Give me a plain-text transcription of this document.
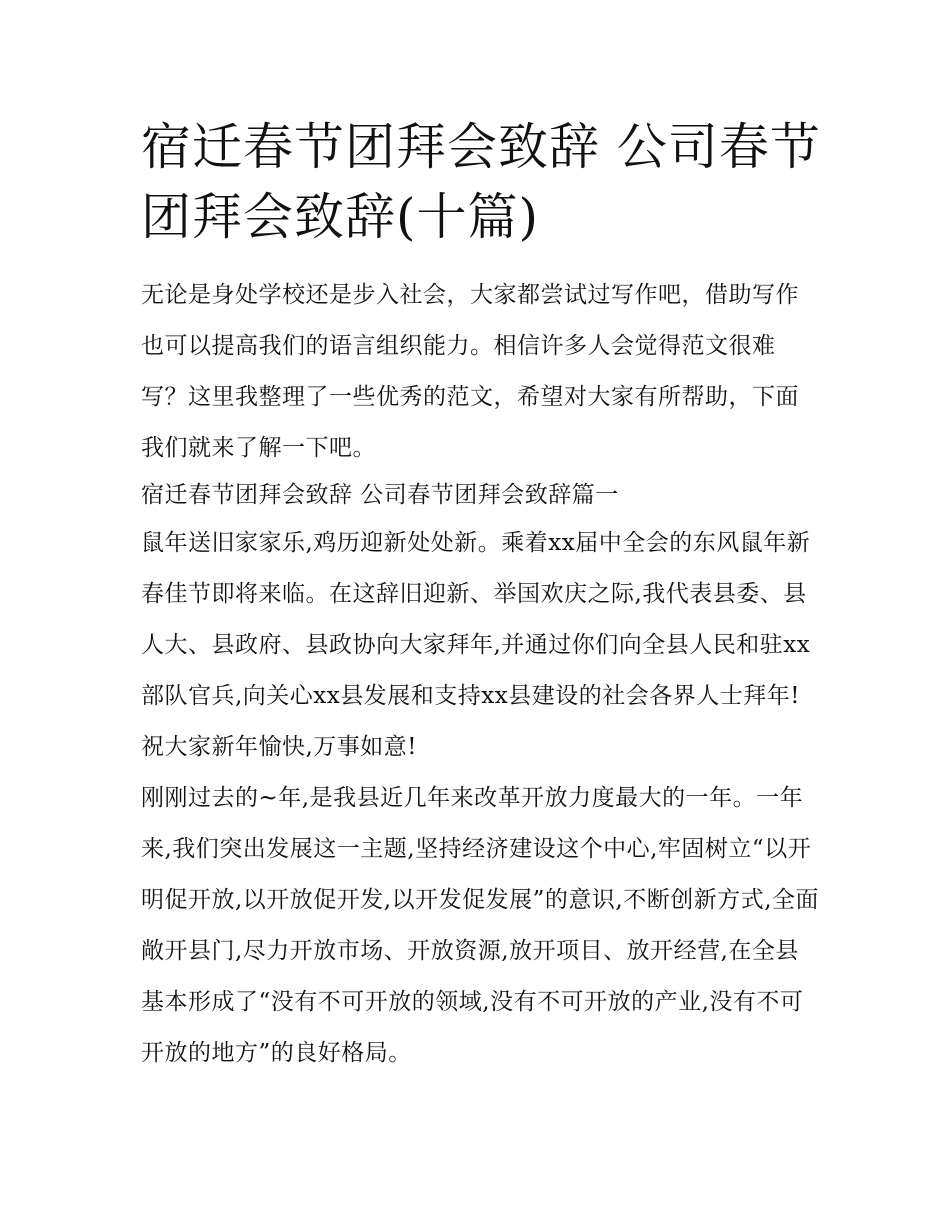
宿迁春节团拜会致辞 公司春节团拜会致辞(十篇)

无论是身处学校还是步入社会，大家都尝试过写作吧，借助写作也可以提高我们的语言组织能力。相信许多人会觉得范文很难写？这里我整理了一些优秀的范文，希望对大家有所帮助，下面我们就来了解一下吧。

宿迁春节团拜会致辞 公司春节团拜会致辞篇一

鼠年送旧家家乐,鸡历迎新处处新。乘着xx届中全会的东风鼠年新春佳节即将来临。在这辞旧迎新、举国欢庆之际,我代表县委、县人大、县政府、县政协向大家拜年,并通过你们向全县人民和驻xx部队官兵,向关心xx县发展和支持xx县建设的社会各界人士拜年!祝大家新年愉快,万事如意!

刚刚过去的~年,是我县近几年来改革开放力度最大的一年。一年来,我们突出发展这一主题,坚持经济建设这个中心,牢固树立“以开明促开放,以开放促开发,以开发促发展”的意识,不断创新方式,全面敞开县门,尽力开放市场、开放资源,放开项目、放开经营,在全县基本形成了“没有不可开放的领域,没有不可开放的产业,没有不可开放的地方”的良好格局。
